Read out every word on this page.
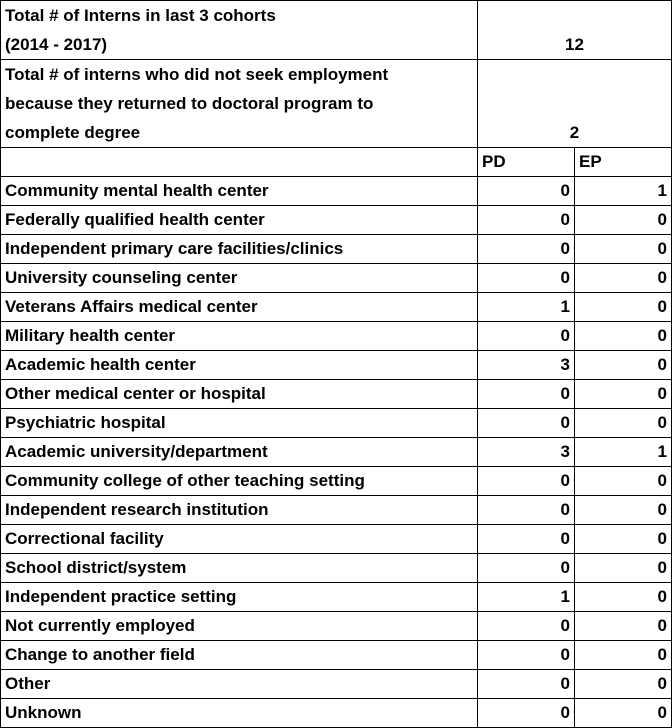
Total # of Interns in last 3 cohorts
(2014 - 2017)	12	

Total # of interns who did not seek employment
because they returned to doctoral program to
complete degree	2	
	PD	EP
Community mental health center	0	1
Federally qualified health center	0	0
Independent primary care facilities/clinics	0	0
University counseling center	0	0
Veterans Affairs medical center	1	0
Military health center	0	0
Academic health center	3	0
Other medical center or hospital	0	0
Psychiatric hospital	0	0
Academic university/department	3	1
Community college of other teaching setting	0	0
Independent research institution	0	0
Correctional facility	0	0
School district/system	0	0
Independent practice setting	1	0
Not currently employed	0	0
Change to another field	0	0
Other	0	0
Unknown	0	0
